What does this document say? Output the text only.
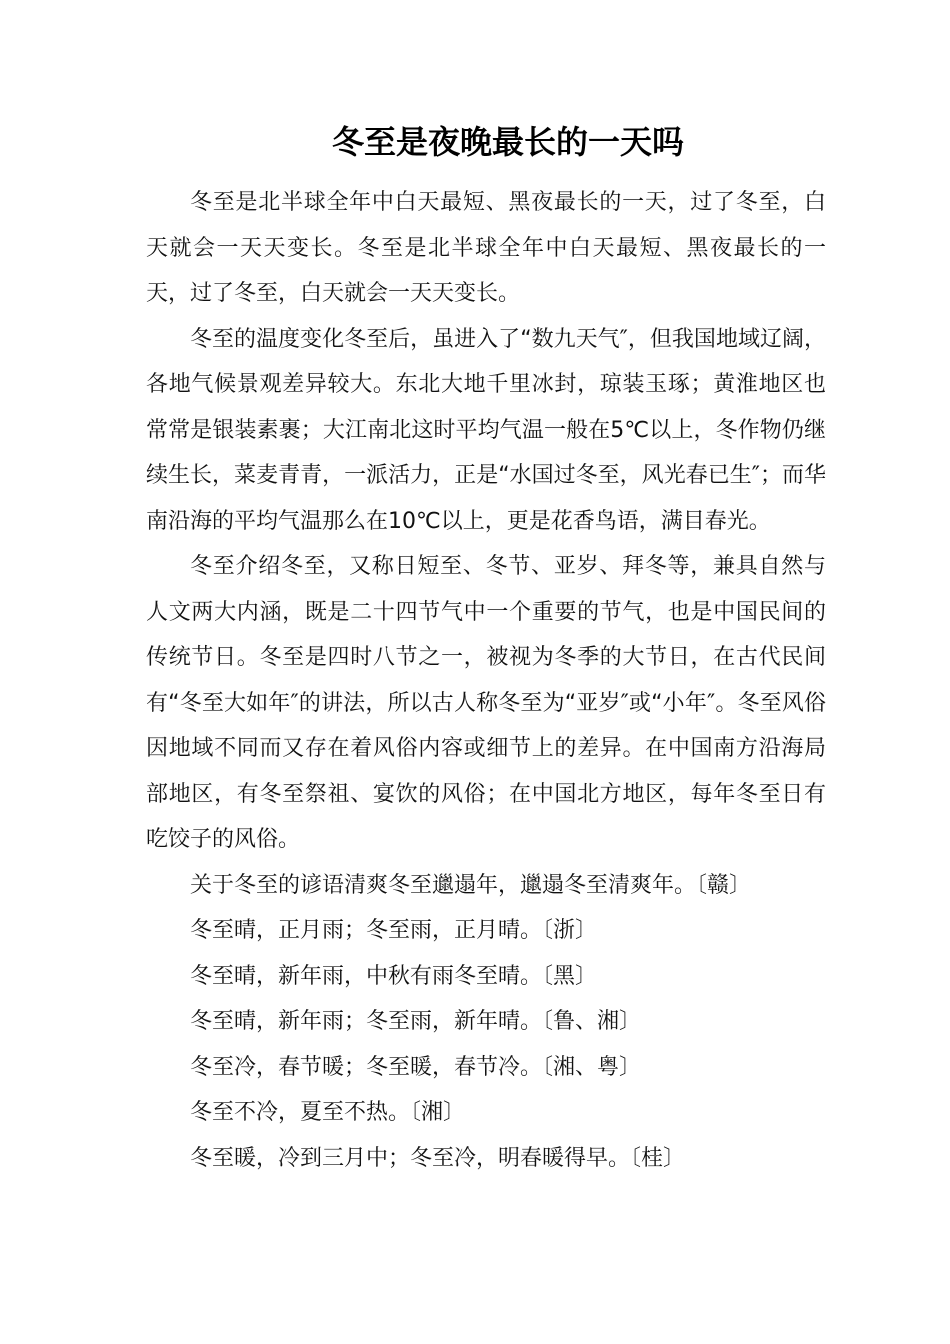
冬至是夜晚最长的一天吗

冬至是北半球全年中白天最短、黑夜最长的一天，过了冬至，白天就会一天天变长。冬至是北半球全年中白天最短、黑夜最长的一天，过了冬至，白天就会一天天变长。

冬至的温度变化冬至后，虽进入了“数九天气″，但我国地域辽阔，各地气候景观差异较大。东北大地千里冰封，琼装玉琢；黄淮地区也常常是银装素裹；大江南北这时平均气温一般在5℃以上，冬作物仍继续生长，菜麦青青，一派活力，正是“水国过冬至，风光春已生″；而华南沿海的平均气温那么在10℃以上，更是花香鸟语，满目春光。

冬至介绍冬至，又称日短至、冬节、亚岁、拜冬等，兼具自然与人文两大内涵，既是二十四节气中一个重要的节气，也是中国民间的传统节日。冬至是四时八节之一，被视为冬季的大节日，在古代民间有“冬至大如年″的讲法，所以古人称冬至为“亚岁″或“小年″。冬至风俗因地域不同而又存在着风俗内容或细节上的差异。在中国南方沿海局部地区，有冬至祭祖、宴饮的风俗；在中国北方地区，每年冬至日有吃饺子的风俗。

关于冬至的谚语清爽冬至邋遢年，邋遢冬至清爽年。〔赣〕

冬至晴，正月雨；冬至雨，正月晴。〔浙〕

冬至晴，新年雨，中秋有雨冬至晴。〔黑〕

冬至晴，新年雨；冬至雨，新年晴。〔鲁、湘〕

冬至冷，春节暖；冬至暖，春节冷。〔湘、粤〕

冬至不冷，夏至不热。〔湘〕

冬至暖，冷到三月中；冬至冷，明春暖得早。〔桂〕
